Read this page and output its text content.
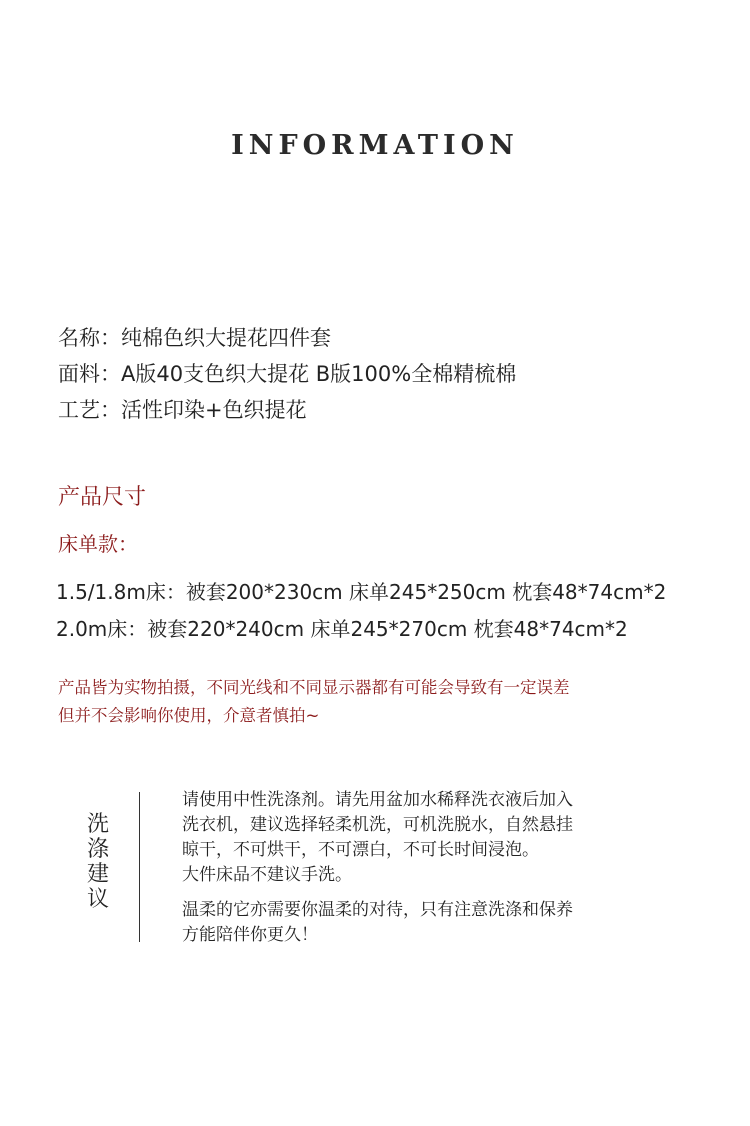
INFORMATION
名称：纯棉色织大提花四件套
面料：A版40支色织大提花 B版100%全棉精梳棉
工艺：活性印染+色织提花
产品尺寸
床单款：
1.5/1.8m床：被套200*230cm 床单245*250cm 枕套48*74cm*2
2.0m床：被套220*240cm 床单245*270cm 枕套48*74cm*2
产品皆为实物拍摄，不同光线和不同显示器都有可能会导致有一定误差
但并不会影响你使用，介意者慎拍~
洗
涤
建
议
请使用中性洗涤剂。请先用盆加水稀释洗衣液后加入
洗衣机，建议选择轻柔机洗，可机洗脱水，自然悬挂
晾干，不可烘干，不可漂白，不可长时间浸泡。
大件床品不建议手洗。
温柔的它亦需要你温柔的对待，只有注意洗涤和保养
方能陪伴你更久！
